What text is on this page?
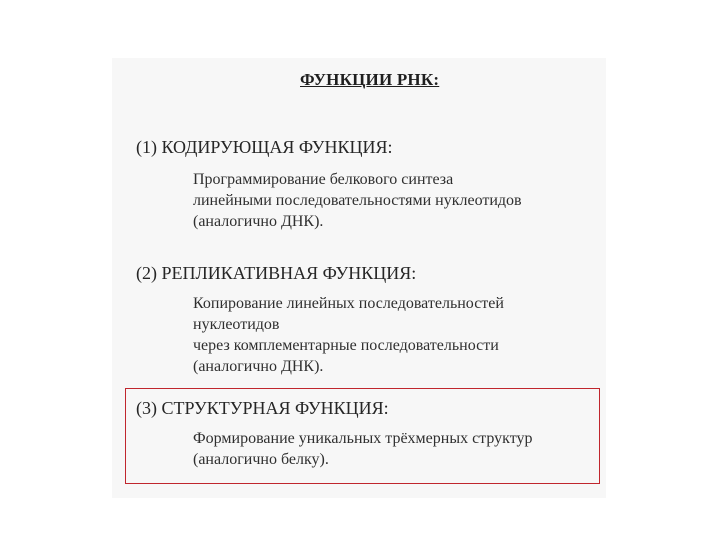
ФУНКЦИИ РНК:
(1) КОДИРУЮЩАЯ ФУНКЦИЯ:
Программирование белкового синтеза
линейными последовательностями нуклеотидов
(аналогично ДНК).
(2) РЕПЛИКАТИВНАЯ ФУНКЦИЯ:
Копирование линейных последовательностей
нуклеотидов
через комплементарные последовательности
(аналогично ДНК).
(3) СТРУКТУРНАЯ ФУНКЦИЯ:
Формирование уникальных трёхмерных структур
(аналогично белку).
